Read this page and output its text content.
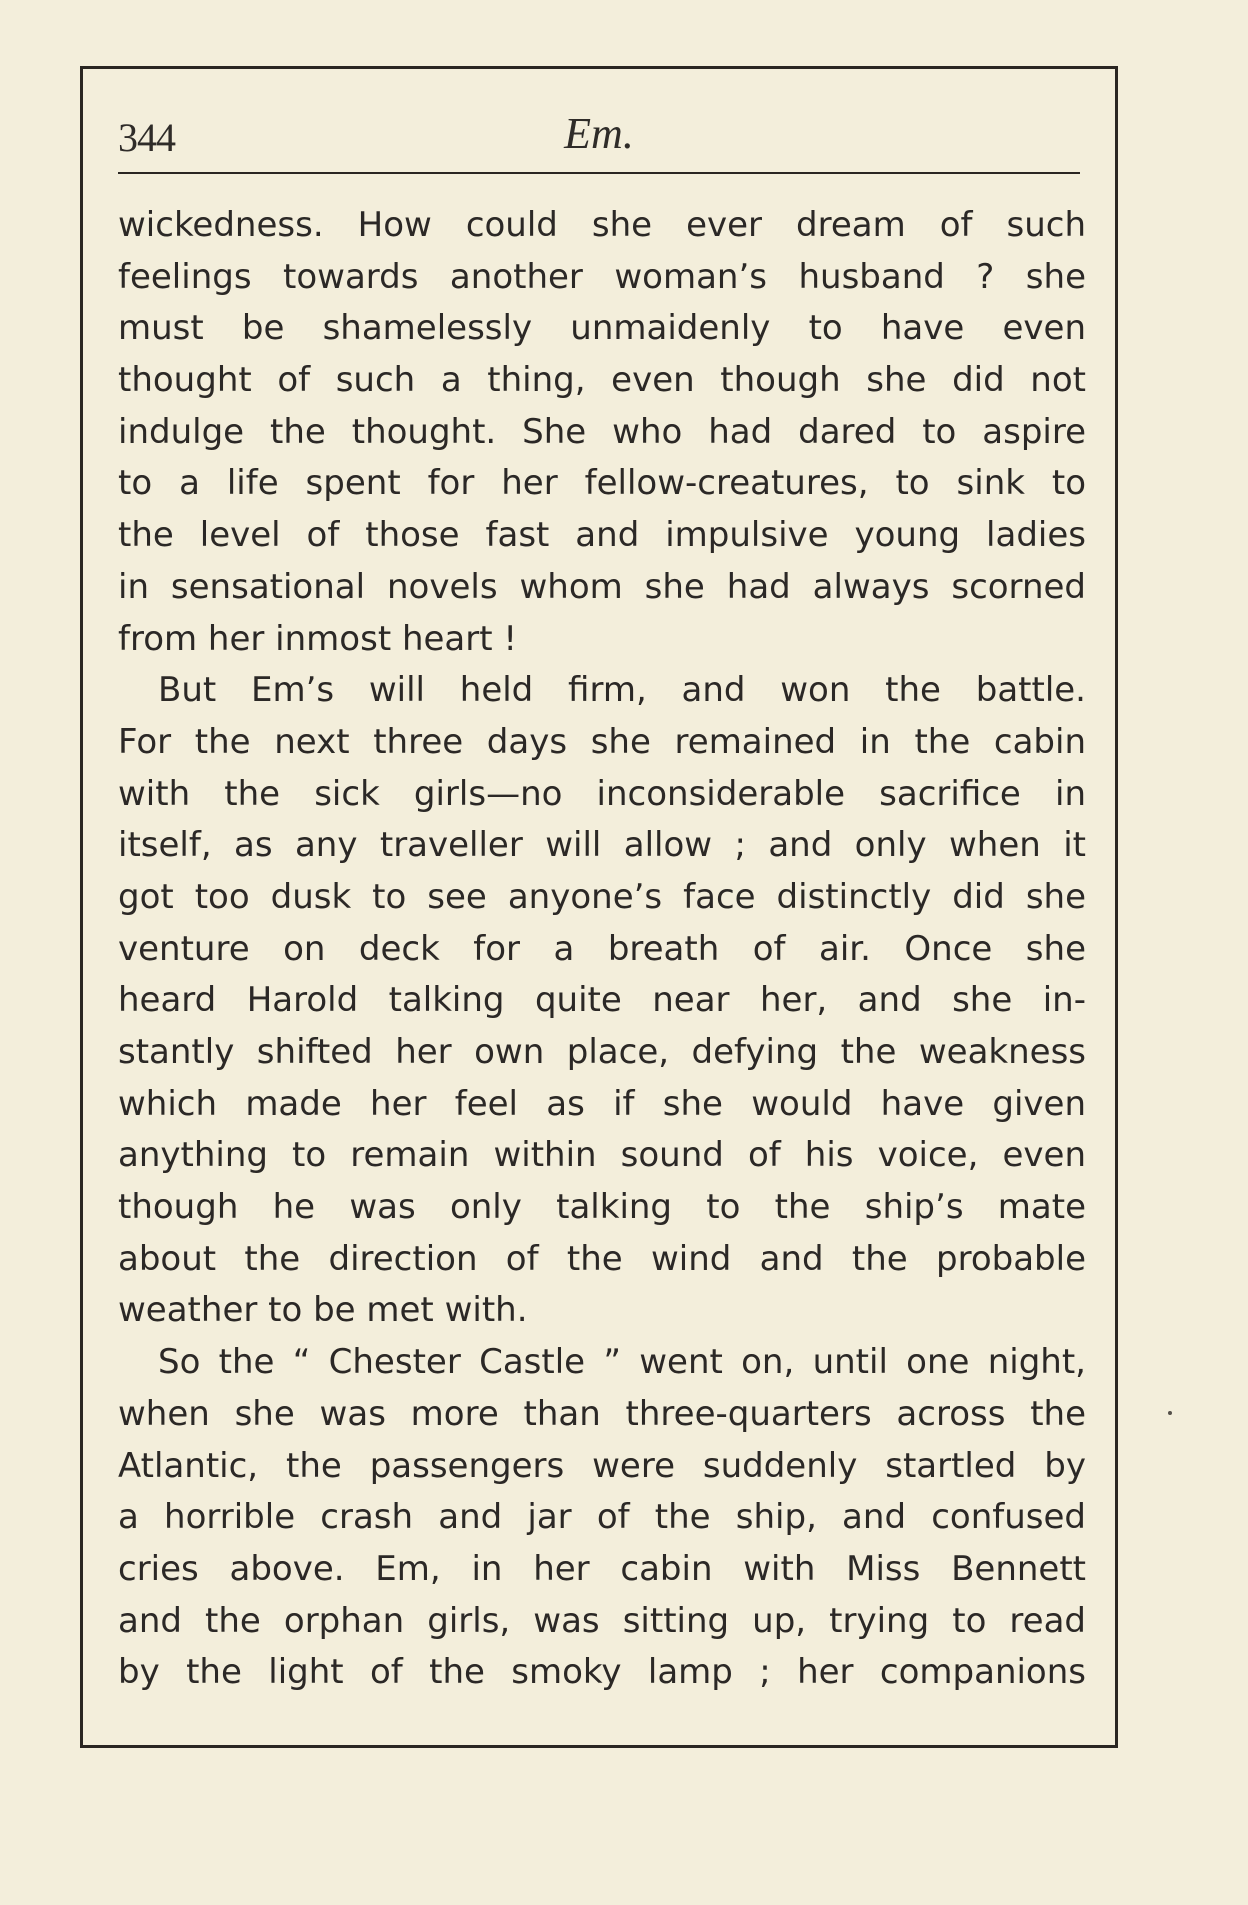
344	Em.
wickedness. How could she ever dream of such
feelings towards another woman’s husband ? she
must be shamelessly unmaidenly to have even
thought of such a thing, even though she did not
indulge the thought. She who had dared to aspire
to a life spent for her fellow-creatures, to sink to
the level of those fast and impulsive young ladies
in sensational novels whom she had always scorned
from her inmost heart !
But Em’s will held firm, and won the battle.
For the next three days she remained in the cabin
with the sick girls—no inconsiderable sacrifice in
itself, as any traveller will allow ; and only when it
got too dusk to see anyone’s face distinctly did she
venture on deck for a breath of air. Once she
heard Harold talking quite near her, and she in-
stantly shifted her own place, defying the weakness
which made her feel as if she would have given
anything to remain within sound of his voice, even
though he was only talking to the ship’s mate
about the direction of the wind and the probable
weather to be met with.
So the “ Chester Castle ” went on, until one night,
when she was more than three-quarters across the
Atlantic, the passengers were suddenly startled by
a horrible crash and jar of the ship, and confused
cries above. Em, in her cabin with Miss Bennett
and the orphan girls, was sitting up, trying to read
by the light of the smoky lamp ; her companions
